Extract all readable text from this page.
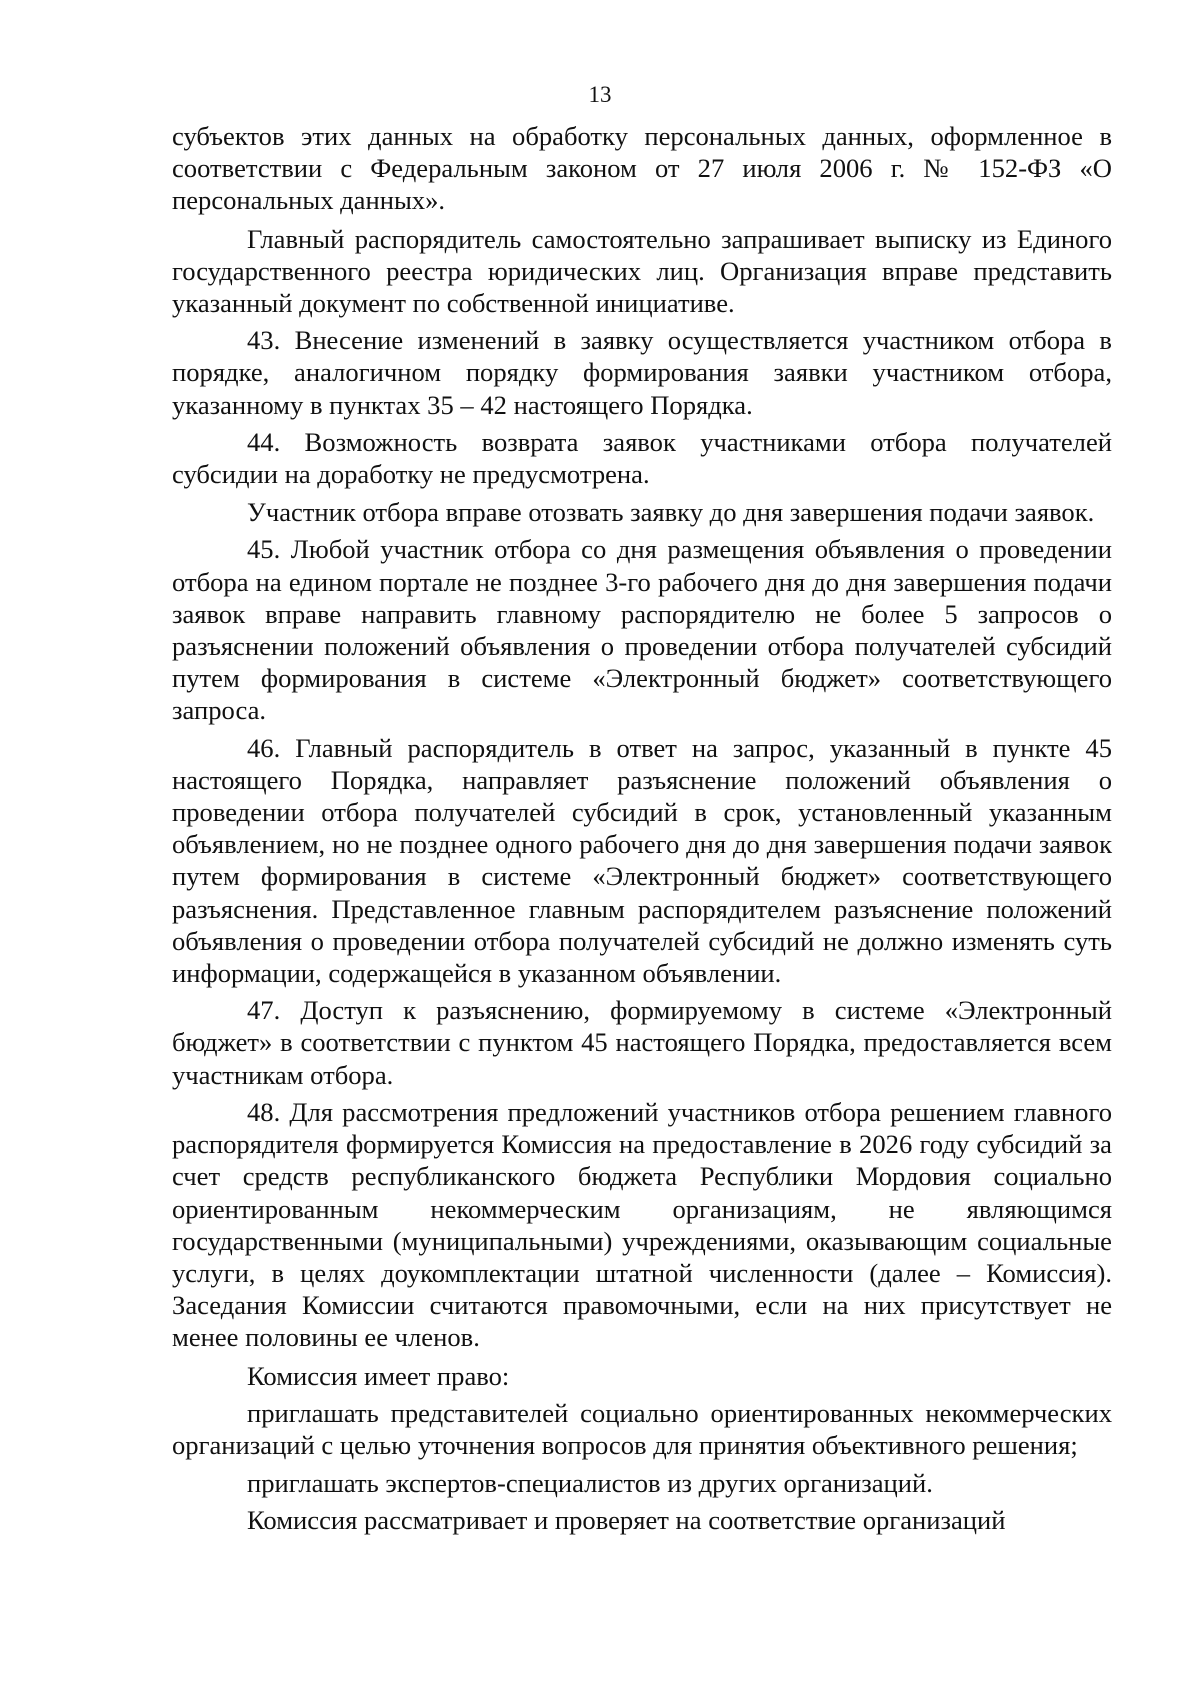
13

субъектов этих данных на обработку персональных данных, оформленное в соответствии с Федеральным законом от 27 июля 2006 г. № 152-ФЗ «О персональных данных».

Главный распорядитель самостоятельно запрашивает выписку из Единого государственного реестра юридических лиц. Организация вправе представить указанный документ по собственной инициативе.

43. Внесение изменений в заявку осуществляется участником отбора в порядке, аналогичном порядку формирования заявки участником отбора, указанному в пунктах 35 – 42 настоящего Порядка.

44. Возможность возврата заявок участниками отбора получателей субсидии на доработку не предусмотрена.

Участник отбора вправе отозвать заявку до дня завершения подачи заявок.

45. Любой участник отбора со дня размещения объявления о проведении отбора на едином портале не позднее 3-го рабочего дня до дня завершения подачи заявок вправе направить главному распорядителю не более 5 запросов о разъяснении положений объявления о проведении отбора получателей субсидий путем формирования в системе «Электронный бюджет» соответствующего запроса.

46. Главный распорядитель в ответ на запрос, указанный в пункте 45 настоящего Порядка, направляет разъяснение положений объявления о проведении отбора получателей субсидий в срок, установленный указанным объявлением, но не позднее одного рабочего дня до дня завершения подачи заявок путем формирования в системе «Электронный бюджет» соответствующего разъяснения. Представленное главным распорядителем разъяснение положений объявления о проведении отбора получателей субсидий не должно изменять суть информации, содержащейся в указанном объявлении.

47. Доступ к разъяснению, формируемому в системе «Электронный бюджет» в соответствии с пунктом 45 настоящего Порядка, предоставляется всем участникам отбора.

48. Для рассмотрения предложений участников отбора решением главного распорядителя формируется Комиссия на предоставление в 2026 году субсидий за счет средств республиканского бюджета Республики Мордовия социально ориентированным некоммерческим организациям, не являющимся государственными (муниципальными) учреждениями, оказывающим социальные услуги, в целях доукомплектации штатной численности (далее – Комиссия). Заседания Комиссии считаются правомочными, если на них присутствует не менее половины ее членов.

Комиссия имеет право:

приглашать представителей социально ориентированных некоммерческих организаций с целью уточнения вопросов для принятия объективного решения;

приглашать экспертов-специалистов из других организаций.

Комиссия рассматривает и проверяет на соответствие организаций
